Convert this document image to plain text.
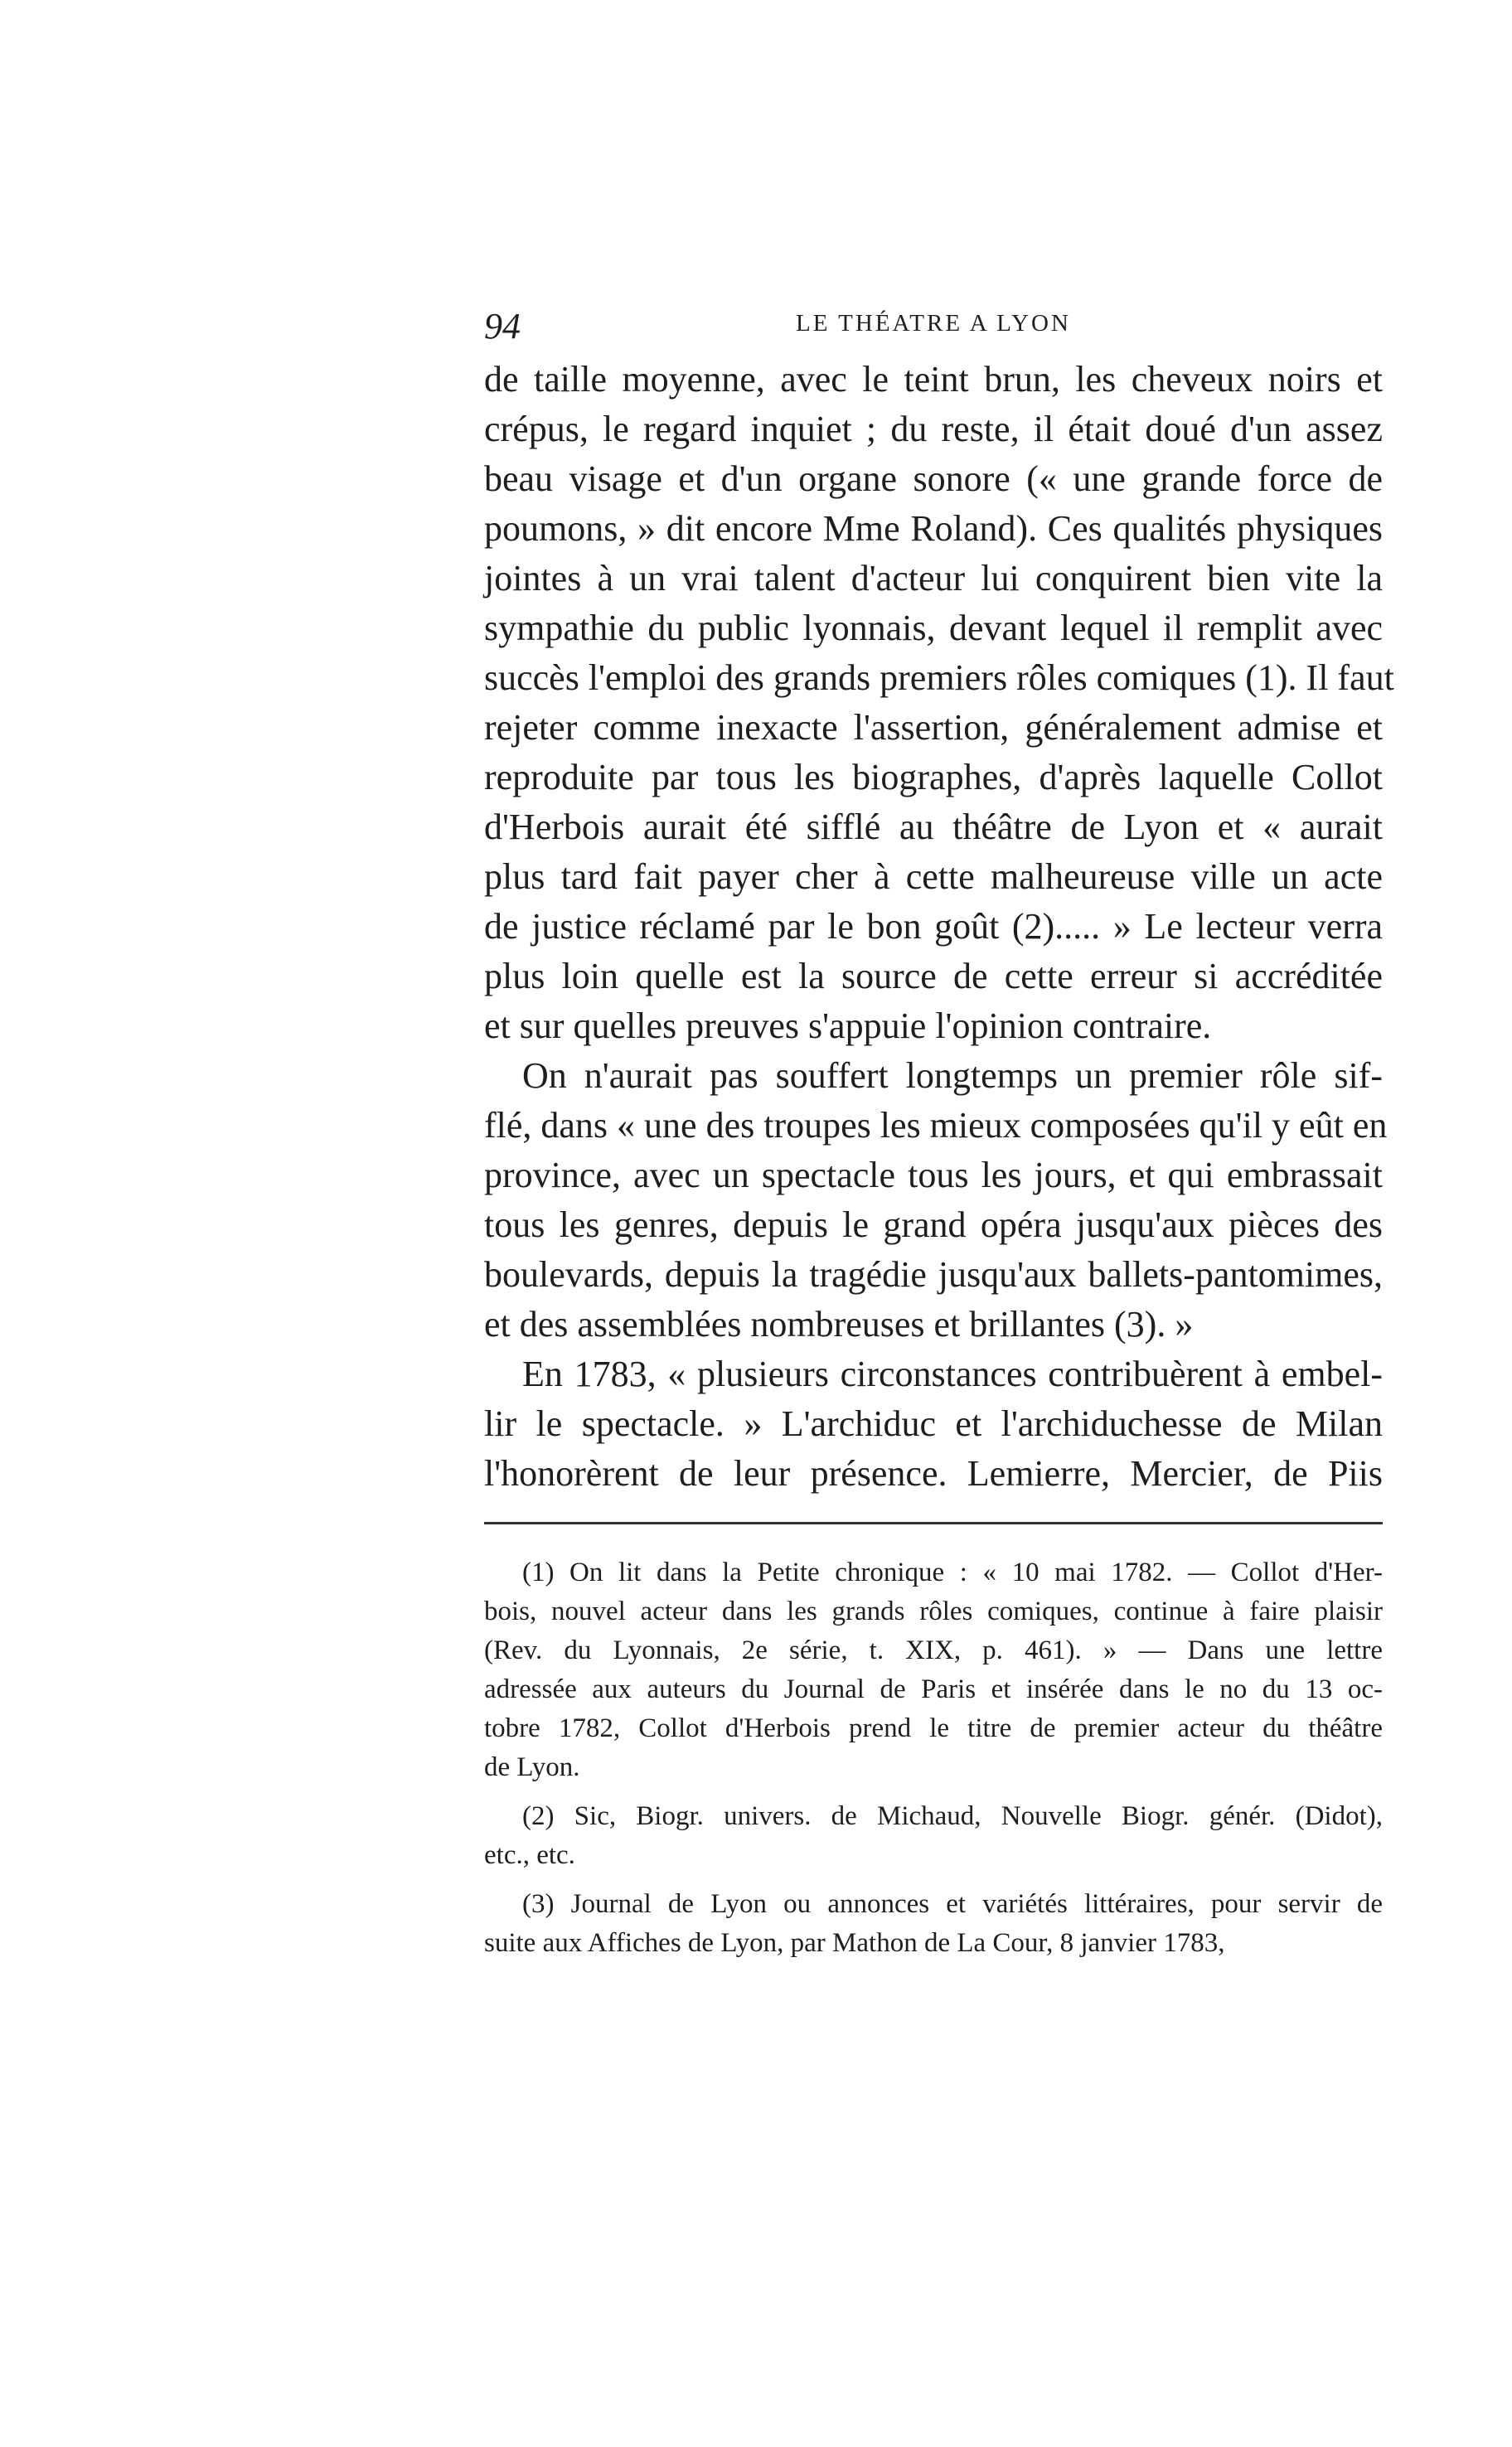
94	LE THÉATRE A LYON
de taille moyenne, avec le teint brun, les cheveux noirs et
crépus, le regard inquiet ; du reste, il était doué d'un assez
beau visage et d'un organe sonore (« une grande force de
poumons, » dit encore Mme Roland). Ces qualités physiques
jointes à un vrai talent d'acteur lui conquirent bien vite la
sympathie du public lyonnais, devant lequel il remplit avec
succès l'emploi des grands premiers rôles comiques (1). Il faut
rejeter comme inexacte l'assertion, généralement admise et
reproduite par tous les biographes, d'après laquelle Collot
d'Herbois aurait été sifflé au théâtre de Lyon et « aurait
plus tard fait payer cher à cette malheureuse ville un acte
de justice réclamé par le bon goût (2)..... » Le lecteur verra
plus loin quelle est la source de cette erreur si accréditée
et sur quelles preuves s'appuie l'opinion contraire.
On n'aurait pas souffert longtemps un premier rôle sif-
flé, dans « une des troupes les mieux composées qu'il y eût en
province, avec un spectacle tous les jours, et qui embrassait
tous les genres, depuis le grand opéra jusqu'aux pièces des
boulevards, depuis la tragédie jusqu'aux ballets-pantomimes,
et des assemblées nombreuses et brillantes (3). »
En 1783, « plusieurs circonstances contribuèrent à embel-
lir le spectacle. » L'archiduc et l'archiduchesse de Milan
l'honorèrent de leur présence. Lemierre, Mercier, de Piis
(1) On lit dans la Petite chronique : « 10 mai 1782. — Collot d'Her-
bois, nouvel acteur dans les grands rôles comiques, continue à faire plaisir
(Rev. du Lyonnais, 2e série, t. XIX, p. 461). » — Dans une lettre
adressée aux auteurs du Journal de Paris et insérée dans le no du 13 oc-
tobre 1782, Collot d'Herbois prend le titre de premier acteur du théâtre
de Lyon.
(2) Sic, Biogr. univers. de Michaud, Nouvelle Biogr. génér. (Didot),
etc., etc.
(3) Journal de Lyon ou annonces et variétés littéraires, pour servir de
suite aux Affiches de Lyon, par Mathon de La Cour, 8 janvier 1783,
